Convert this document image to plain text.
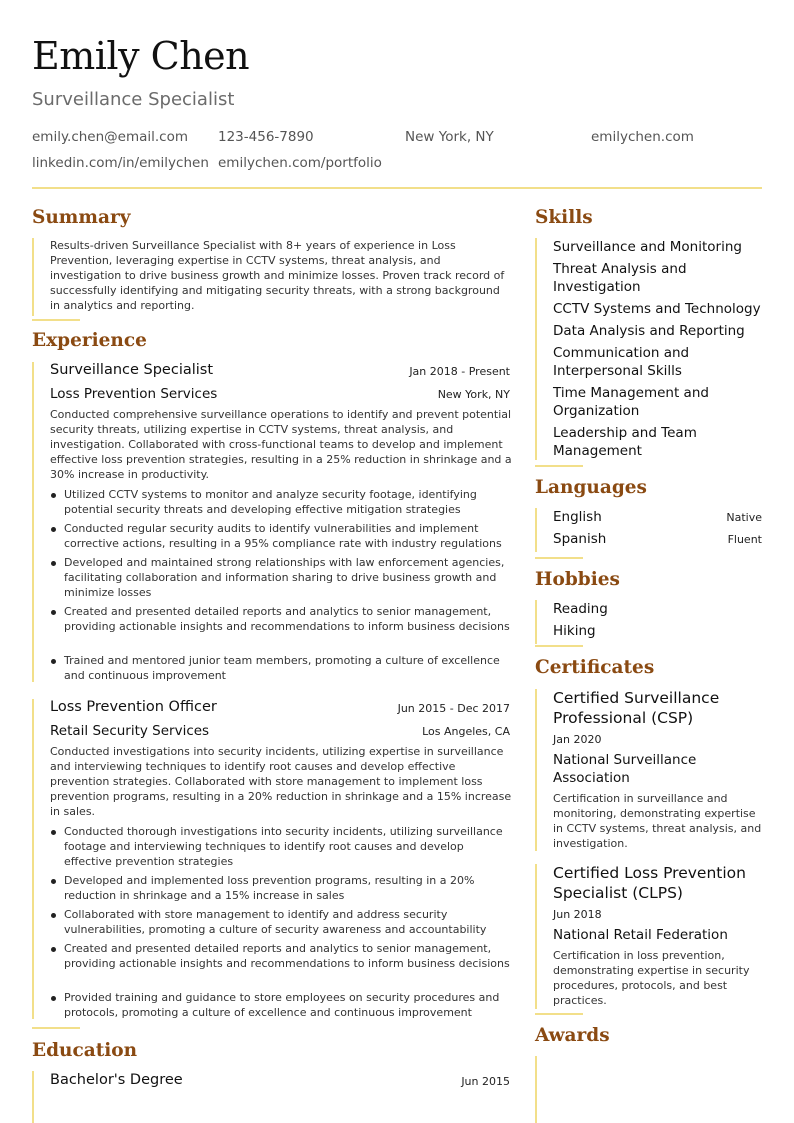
Emily Chen
Surveillance Specialist
emily.chen@email.com 123-456-7890	New York, NY	emilychen.com
linkedin.com/in/emilychen emilychen.com/portfolio
Summary
Results-driven Surveillance Specialist with 8+ years of experience in Loss Prevention, leveraging expertise in CCTV systems, threat analysis, and investigation to drive business growth and minimize losses. Proven track record of successfully identifying and mitigating security threats, with a strong background in analytics and reporting.
Experience
Surveillance Specialist	Jan 2018 - Present
Loss Prevention Services	New York, NY
Conducted comprehensive surveillance operations to identify and prevent potential security threats, utilizing expertise in CCTV systems, threat analysis, and investigation. Collaborated with cross-functional teams to develop and implement effective loss prevention strategies, resulting in a 25% reduction in shrinkage and a 30% increase in productivity.
Utilized CCTV systems to monitor and analyze security footage, identifying potential security threats and developing effective mitigation strategies
Conducted regular security audits to identify vulnerabilities and implement corrective actions, resulting in a 95% compliance rate with industry regulations
Developed and maintained strong relationships with law enforcement agencies, facilitating collaboration and information sharing to drive business growth and minimize losses
Created and presented detailed reports and analytics to senior management, providing actionable insights and recommendations to inform business decisions
Trained and mentored junior team members, promoting a culture of excellence and continuous improvement
Loss Prevention Officer	Jun 2015 - Dec 2017
Retail Security Services	Los Angeles, CA
Conducted investigations into security incidents, utilizing expertise in surveillance and interviewing techniques to identify root causes and develop effective prevention strategies. Collaborated with store management to implement loss prevention programs, resulting in a 20% reduction in shrinkage and a 15% increase in sales.
Conducted thorough investigations into security incidents, utilizing surveillance footage and interviewing techniques to identify root causes and develop effective prevention strategies
Developed and implemented loss prevention programs, resulting in a 20% reduction in shrinkage and a 15% increase in sales
Collaborated with store management to identify and address security vulnerabilities, promoting a culture of security awareness and accountability
Created and presented detailed reports and analytics to senior management, providing actionable insights and recommendations to inform business decisions
Provided training and guidance to store employees on security procedures and protocols, promoting a culture of excellence and continuous improvement
Education
Bachelor's Degree	Jun 2015
Skills
Surveillance and Monitoring
Threat Analysis and Investigation
CCTV Systems and Technology
Data Analysis and Reporting
Communication and Interpersonal Skills
Time Management and Organization
Leadership and Team Management
Languages
English	Native
Spanish	Fluent
Hobbies
Reading
Hiking
Certificates
Certified Surveillance Professional (CSP)
Jan 2020
National Surveillance Association
Certification in surveillance and monitoring, demonstrating expertise in CCTV systems, threat analysis, and investigation.
Certified Loss Prevention Specialist (CLPS)
Jun 2018
National Retail Federation
Certification in loss prevention, demonstrating expertise in security procedures, protocols, and best practices.
Awards
